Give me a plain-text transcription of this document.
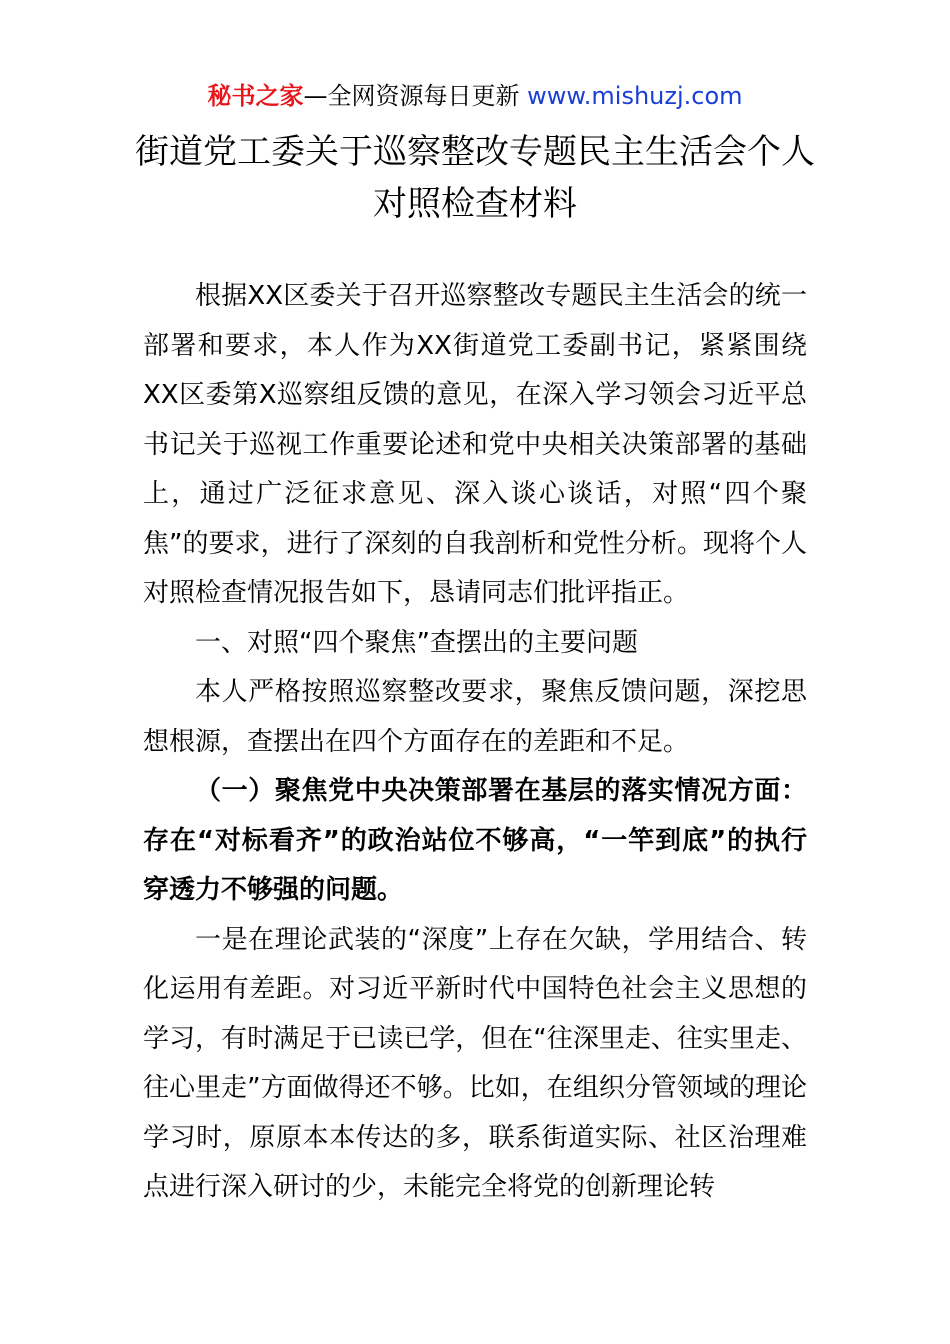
秘书之家—全网资源每日更新 www.mishuzj.com
街道党工委关于巡察整改专题民主生活会个人对照检查材料

根据XX区委关于召开巡察整改专题民主生活会的统一部署和要求，本人作为XX街道党工委副书记，紧紧围绕XX区委第X巡察组反馈的意见，在深入学习领会习近平总书记关于巡视工作重要论述和党中央相关决策部署的基础上，通过广泛征求意见、深入谈心谈话，对照“四个聚焦”的要求，进行了深刻的自我剖析和党性分析。现将个人对照检查情况报告如下，恳请同志们批评指正。

一、对照“四个聚焦”查摆出的主要问题

本人严格按照巡察整改要求，聚焦反馈问题，深挖思想根源，查摆出在四个方面存在的差距和不足。

（一）聚焦党中央决策部署在基层的落实情况方面：存在“对标看齐”的政治站位不够高，“一竿到底”的执行穿透力不够强的问题。

一是在理论武装的“深度”上存在欠缺，学用结合、转化运用有差距。对习近平新时代中国特色社会主义思想的学习，有时满足于已读已学，但在“往深里走、往实里走、往心里走”方面做得还不够。比如，在组织分管领域的理论学习时，原原本本传达的多，联系街道实际、社区治理难点进行深入研讨的少，未能完全将党的创新理论转
